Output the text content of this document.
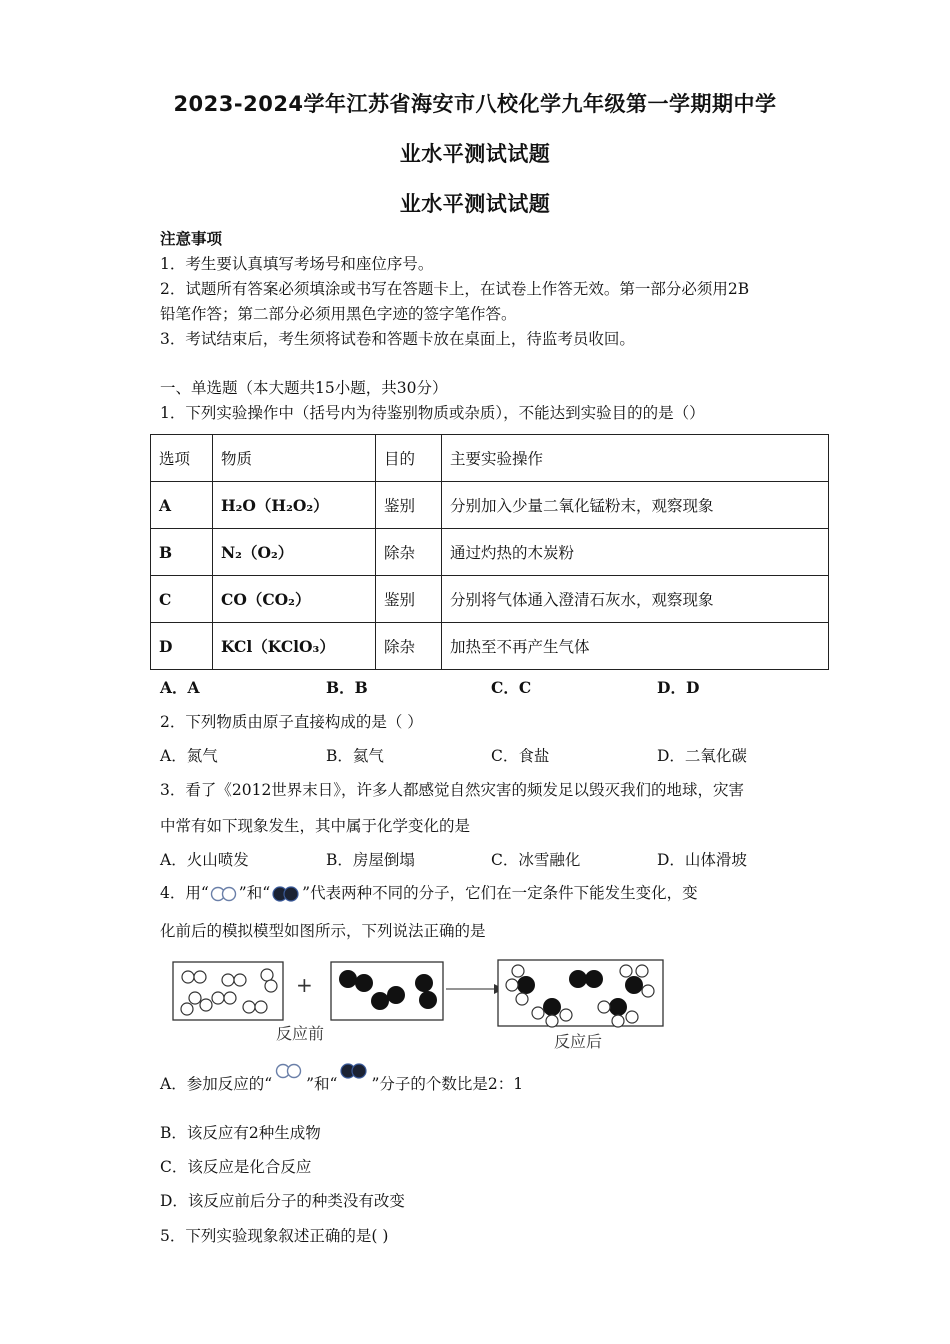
2023-2024学年江苏省海安市八校化学九年级第一学期期中学
业水平测试试题
业水平测试试题
注意事项
1．考生要认真填写考场号和座位序号。
2．试题所有答案必须填涂或书写在答题卡上，在试卷上作答无效。第一部分必须用2B
铅笔作答；第二部分必须用黑色字迹的签字笔作答。
3．考试结束后，考生须将试卷和答题卡放在桌面上，待监考员收回。
一、单选题（本大题共15小题，共30分）
1．下列实验操作中（括号内为待鉴别物质或杂质），不能达到实验目的的是（）
选项	物质	目的	主要实验操作
A	H₂O（H₂O₂）	鉴别	分别加入少量二氧化锰粉末，观察现象
B	N₂（O₂）	除杂	通过灼热的木炭粉
C	CO（CO₂）	鉴别	分别将气体通入澄清石灰水，观察现象
D	KCl（KClO₃）	除杂	加热至不再产生气体
A．A	B．B	C．C	D．D
2．下列物质由原子直接构成的是（ ）
A．氮气	B．氦气	C．食盐	D．二氧化碳
3．看了《2012世界末日》，许多人都感觉自然灾害的频发足以毁灭我们的地球，灾害
中常有如下现象发生，其中属于化学变化的是
A．火山喷发	B．房屋倒塌	C．冰雪融化	D．山体滑坡
4．用“ ”和“ ”代表两种不同的分子，它们在一定条件下能发生变化，变
化前后的模拟模型如图所示，下列说法正确的是
+
反应前	反应后
A．参加反应的“ ”和“ ”分子的个数比是2：1
B．该反应有2种生成物
C．该反应是化合反应
D．该反应前后分子的种类没有改变
5．下列实验现象叙述正确的是( )
